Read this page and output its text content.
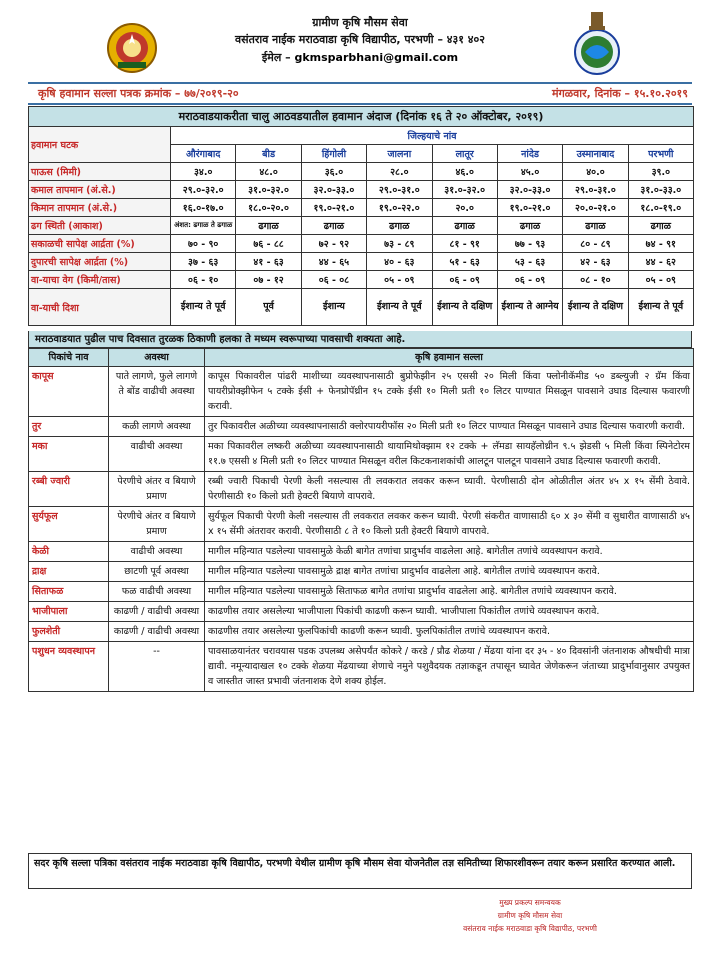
ग्रामीण कृषि मौसम सेवा
वसंतराव नाईक मराठवाडा कृषि विद्यापीठ, परभणी – ४३१ ४०२
ईमेल – gkmsparbhani@gmail.com
कृषि हवामान सल्ला पत्रक क्रमांक – ७७/२०१९-२०	मंगळवार, दिनांक – १५.१०.२०१९
मराठवाडयाकरीता चालु आठवडयातील हवामान अंदाज (दिनांक १६ ते २० ऑक्टोबर, २०१९)								
हवामान घटक	जिल्हयाचे नांव							
	औरंगाबाद	बीड	हिंगोली	जालना	लातूर	नांदेड	उस्मानाबाद	परभणी
पाऊस (मिमी)	३४.०	४८.०	३६.०	२८.०	४६.०	४५.०	४०.०	३९.०
कमाल तापमान (अं.से.)	२९.०-३२.०	३१.०-३२.०	३२.०-३३.०	२९.०-३१.०	३१.०-३२.०	३२.०-३३.०	२९.०-३१.०	३१.०-३३.०
किमान तापमान (अं.से.)	१६.०-१७.०	१८.०-२०.०	१९.०-२१.०	१९.०-२२.०	२०.०	१९.०-२१.०	२०.०-२१.०	१८.०-१९.०
ढग स्थिती (आकाश)	अंशत: ढगाळ ते ढगाळ	ढगाळ	ढगाळ	ढगाळ	ढगाळ	ढगाळ	ढगाळ	ढगाळ
सकाळची सापेक्ष आर्द्रता (%)	७० - ९०	७६ - ८८	७२ - ९२	७३ - ८९	८१ - ९१	७७ - ९३	८० - ८९	७४ - ९१
दुपारची सापेक्ष आर्द्रता (%)	३७ - ६३	४१ - ६३	४४ - ६५	४० - ६३	५१ - ६३	५३ - ६३	४२ - ६३	४४ - ६२
वा-याचा वेग (किमी/तास)	०६ - १०	०७ - १२	०६ - ०८	०५ - ०९	०६ - ०९	०६ - ०९	०८ - १०	०५ - ०९
वा-याची दिशा	ईशान्य ते पूर्व	पूर्व	ईशान्य	ईशान्य ते पूर्व	ईशान्य ते दक्षिण	ईशान्य ते आग्नेय	ईशान्य ते दक्षिण	ईशान्य ते पूर्व
मराठवाडयात पुढील पाच दिवसात तुरळक ठिकाणी हलका ते मध्यम स्वरूपाच्या पावसाची शक्यता आहे.
पिकांचे नाव	अवस्था	कृषि हवामान सल्ला
कापूस	पाते लागणे, फुले लागणे ते बोंड वाढीची अवस्था	कापूस पिकावरील पांढरी माशीच्या व्यवस्थापनासाठी बुप्रोफेझीन २५ एससी २० मिली किंवा फ्लोनीकॅमीड ५० डब्ल्युजी २ ग्रॅम किंवा पायरीप्रोक्झीफेन ५ टक्के ईसी + फेनप्रोपॅथ्रीन १५ टक्के ईसी १० मिली प्रती १० लिटर पाण्यात मिसळून पावसाने उघाड दिल्यास फवारणी करावी.
तुर	कळी लागणे अवस्था	तुर पिकावरील अळीच्या व्यवस्थापनासाठी क्लोरपायरीफॉस २० मिली प्रती १० लिटर पाण्यात मिसळून पावसाने उघाड दिल्यास फवारणी करावी.
मका	वाढीची अवस्था	मका पिकावरील लष्करी अळीच्या व्यवस्थापनासाठी थायामिथोक्झाम १२ टक्के + लॅमडा सायहॅलोथ्रीन ९.५ झेडसी ५ मिली किंवा स्पिनेटोरम ११.७ एससी ४ मिली प्रती १० लिटर पाण्यात मिसळून वरील किटकनाशकांची आलटून पालटून पावसाने उघाड दिल्यास फवारणी करावी.
रब्बी ज्वारी	पेरणीचे अंतर व बियाणे प्रमाण	रब्बी ज्वारी पिकाची पेरणी केली नसल्यास ती लवकरात लवकर करून घ्यावी. पेरणीसाठी दोन ओळीतील अंतर ४५ x १५ सेंमी ठेवावे. पेरणीसाठी १० किलो प्रती हेक्टरी बियाणे वापरावे.
सुर्यफूल	पेरणीचे अंतर व बियाणे प्रमाण	सुर्यफूल पिकाची पेरणी केली नसल्यास ती लवकरात लवकर करून घ्यावी. पेरणी संकरीत वाणासाठी ६० x ३० सेंमी व सुधारीत वाणासाठी ४५ x १५ सेंमी अंतरावर करावी. पेरणीसाठी ८ ते १० किलो प्रती हेक्टरी बियाणे वापरावे.
केळी	वाढीची अवस्था	मागील महिन्यात पडलेल्या पावसामुळे केळी बागेत तणांचा प्रादुर्भाव वाढलेला आहे. बागेतील तणांचे व्यवस्थापन करावे.
द्राक्ष	छाटणी पूर्व अवस्था	मागील महिन्यात पडलेल्या पावसामुळे द्राक्ष बागेत तणांचा प्रादुर्भाव वाढलेला आहे. बागेतील तणांचे व्यवस्थापन करावे.
सिताफळ	फळ वाढीची अवस्था	मागील महिन्यात पडलेल्या पावसामुळे सिताफळ बागेत तणांचा प्रादुर्भाव वाढलेला आहे. बागेतील तणांचे व्यवस्थापन करावे.
भाजीपाला	काढणी / वाढीची अवस्था	काढणीस तयार असलेल्या भाजीपाला पिकांची काढणी करून घ्यावी. भाजीपाला पिकांतील तणांचे व्यवस्थापन करावे.
फुलशेती	काढणी / वाढीची अवस्था	काढणीस तयार असलेल्या फुलपिकांची काढणी करून घ्यावी. फुलपिकांतील तणांचे व्यवस्थापन करावे.
पशुधन व्यवस्थापन	--	पावसाळयानंतर चरावयास पडक उपलब्ध असेपर्यंत कोकरे / करडे / प्रौढ शेळया / मेंढया यांना दर ३५ - ४० दिवसांनी जंतनाशक औषधीची मात्रा द्यावी. नमून्यादाखल १० टक्के शेळया मेंढयाच्या शेणाचे नमुने पशुवैदयक तज्ञाकडून तपासून घ्यावेत जेणेकरून जंताच्या प्रादुर्भावानुसार उपयुक्त व जास्तीत जास्त प्रभावी जंतनाशक देणे शक्य होईल.
सदर कृषि सल्ला पत्रिका वसंतराव नाईक मराठवाडा कृषि विद्यापीठ, परभणी येथील ग्रामीण कृषि मौसम सेवा योजनेतील तज्ञ समितीच्या शिफारशीवरून तयार करून प्रसारित करण्यात आली.
मुख्य प्रकल्प समन्वयक
ग्रामीण कृषि मौसम सेवा
वसंतराव नाईक मराठवाडा कृषि विद्यापीठ, परभणी
